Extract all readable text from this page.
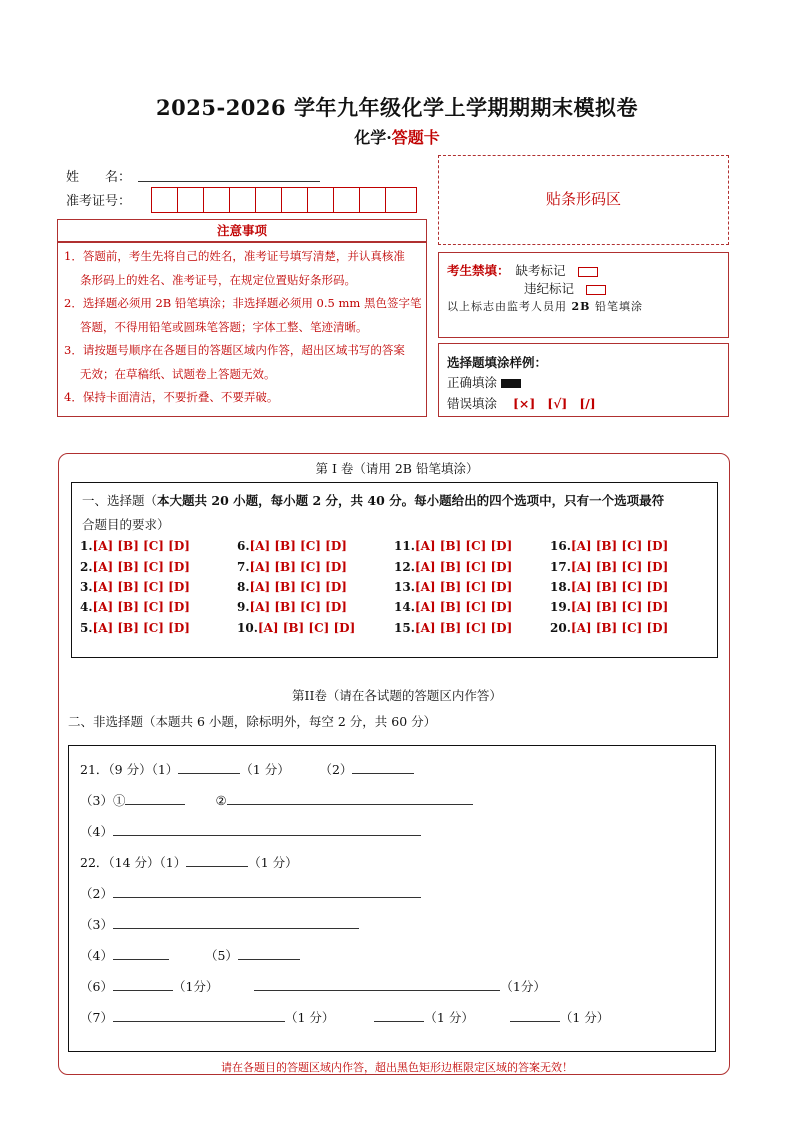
2025-2026 学年九年级化学上学期期期末模拟卷
化学·答题卡
姓　　名：
准考证号：	贴条形码区
注意事项

1．答题前，考生先将自己的姓名，准考证号填写清楚，并认真核准

条形码上的姓名、准考证号，在规定位置贴好条形码。

2．选择题必须用 2B 铅笔填涂；非选择题必须用 0.5 mm 黑色签字笔

答题，不得用铅笔或圆珠笔答题；字体工整、笔迹清晰。

3．请按题号顺序在各题目的答题区域内作答，超出区域书写的答案

无效；在草稿纸、试题卷上答题无效。

4．保持卡面清洁，不要折叠、不要弄破。

考生禁填： 缺考标记
违纪标记
以上标志由监考人员用 2B 铅笔填涂
选择题填涂样例：
正确填涂
错误填涂 [×] [√] [/]
第 I 卷（请用 2B 铅笔填涂）
一、选择题（本大题共 20 小题，每小题 2 分，共 40 分。每小题给出的四个选项中，只有一个选项最符
合题目的要求）
1.[A] [B] [C] [D]
2.[A] [B] [C] [D]
3.[A] [B] [C] [D]
4.[A] [B] [C] [D]
5.[A] [B] [C] [D]
6.[A] [B] [C] [D]
7.[A] [B] [C] [D]
8.[A] [B] [C] [D]
9.[A] [B] [C] [D]
10.[A] [B] [C] [D]
11.[A] [B] [C] [D]
12.[A] [B] [C] [D]
13.[A] [B] [C] [D]
14.[A] [B] [C] [D]
15.[A] [B] [C] [D]
16.[A] [B] [C] [D]
17.[A] [B] [C] [D]
18.[A] [B] [C] [D]
19.[A] [B] [C] [D]
20.[A] [B] [C] [D]
第II卷（请在各试题的答题区内作答）
二、非选择题（本题共 6 小题，除标明外，每空 2 分，共 60 分）
21．（9 分）（1）	（1 分）	（2）
（3）①	②
（4）
22．（14 分）（1）	（1 分）
（2）
（3）
（4）	（5）
（6）	（1分）	（1分）
（7）	（1 分）	（1 分）	（1 分）
请在各题目的答题区域内作答，超出黑色矩形边框限定区域的答案无效！
